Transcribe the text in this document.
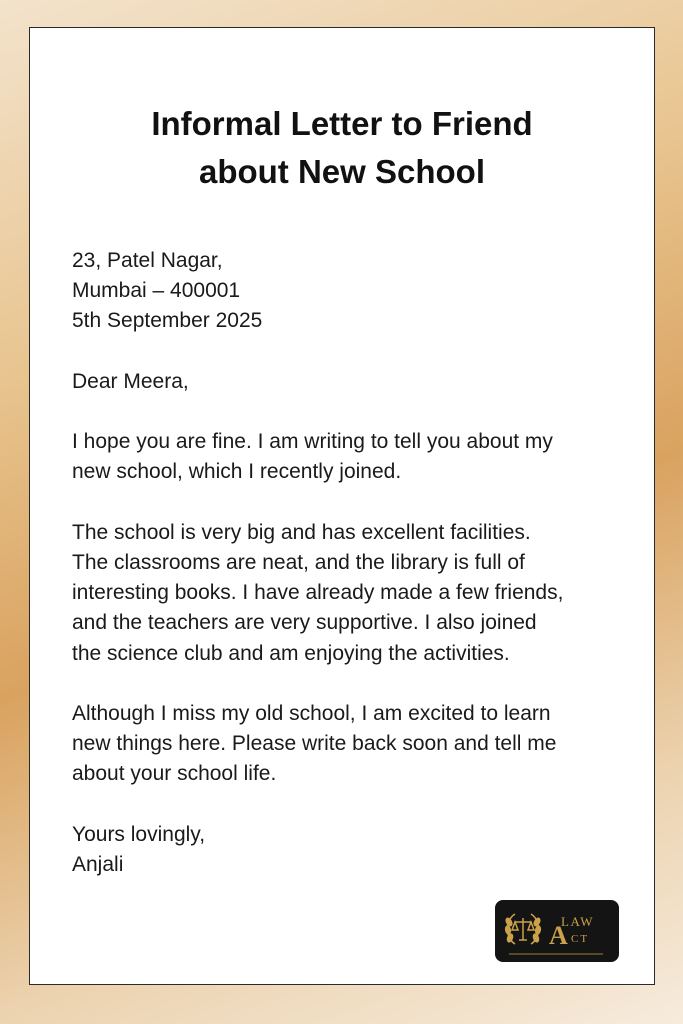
Informal Letter to Friend
about New School

23, Patel Nagar,

Mumbai – 400001

5th September 2025

Dear Meera,

I hope you are fine. I am writing to tell you about my

new school, which I recently joined.

The school is very big and has excellent facilities.

The classrooms are neat, and the library is full of

interesting books. I have already made a few friends,

and the teachers are very supportive. I also joined

the science club and am enjoying the activities.

Although I miss my old school, I am excited to learn

new things here. Please write back soon and tell me

about your school life.

Yours lovingly,

Anjali

LAW
A CT
